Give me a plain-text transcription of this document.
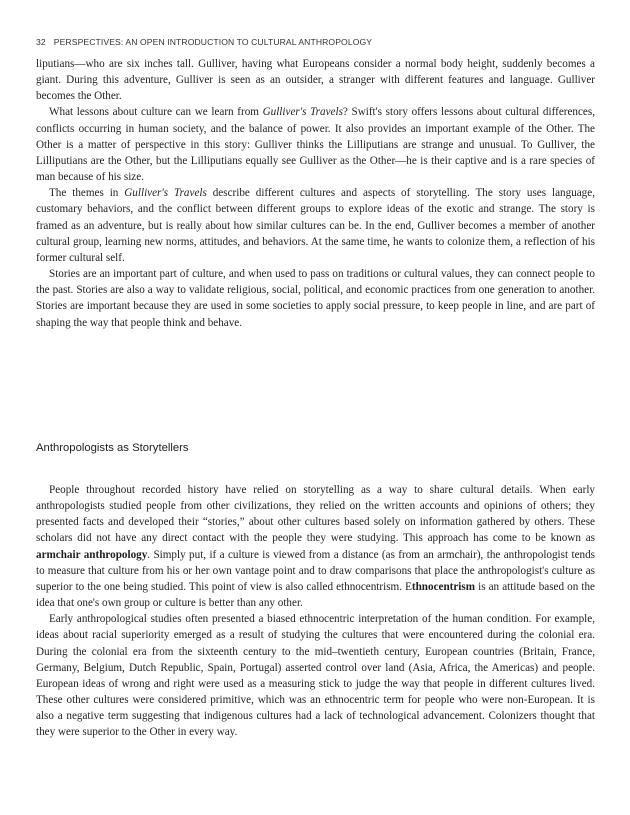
32 PERSPECTIVES: AN OPEN INTRODUCTION TO CULTURAL ANTHROPOLOGY

liputians—who are six inches tall. Gulliver, having what Europeans consider a normal body height, suddenly becomes a giant. During this adventure, Gulliver is seen as an outsider, a stranger with different features and language. Gulliver becomes the Other.

What lessons about culture can we learn from Gulliver's Travels? Swift's story offers lessons about cultural differences, conflicts occurring in human society, and the balance of power. It also provides an important example of the Other. The Other is a matter of perspective in this story: Gulliver thinks the Lilliputians are strange and unusual. To Gulliver, the Lilliputians are the Other, but the Lilliputians equally see Gulliver as the Other—he is their captive and is a rare species of man because of his size.

The themes in Gulliver's Travels describe different cultures and aspects of storytelling. The story uses language, customary behaviors, and the conflict between different groups to explore ideas of the exotic and strange. The story is framed as an adventure, but is really about how similar cultures can be. In the end, Gulliver becomes a member of another cultural group, learning new norms, attitudes, and behaviors. At the same time, he wants to colonize them, a reflection of his former cultural self.

Stories are an important part of culture, and when used to pass on traditions or cultural values, they can connect people to the past. Stories are also a way to validate religious, social, political, and economic practices from one generation to another. Stories are important because they are used in some societies to apply social pressure, to keep people in line, and are part of shaping the way that people think and behave.

Anthropologists as Storytellers

People throughout recorded history have relied on storytelling as a way to share cultural details. When early anthropologists studied people from other civilizations, they relied on the written accounts and opinions of others; they presented facts and developed their “stories,” about other cultures based solely on information gathered by others. These scholars did not have any direct contact with the people they were studying. This approach has come to be known as armchair anthropology. Simply put, if a culture is viewed from a distance (as from an armchair), the anthropologist tends to measure that culture from his or her own vantage point and to draw comparisons that place the anthropologist's culture as superior to the one being studied. This point of view is also called ethnocentrism. Ethnocentrism is an attitude based on the idea that one's own group or culture is better than any other.

Early anthropological studies often presented a biased ethnocentric interpretation of the human condition. For example, ideas about racial superiority emerged as a result of studying the cultures that were encountered during the colonial era. During the colonial era from the sixteenth century to the mid–twentieth century, European countries (Britain, France, Germany, Belgium, Dutch Republic, Spain, Portugal) asserted control over land (Asia, Africa, the Americas) and people. European ideas of wrong and right were used as a measuring stick to judge the way that people in different cultures lived. These other cultures were considered primitive, which was an ethnocentric term for people who were non-European. It is also a negative term suggesting that indigenous cultures had a lack of technological advancement. Colonizers thought that they were superior to the Other in every way.
